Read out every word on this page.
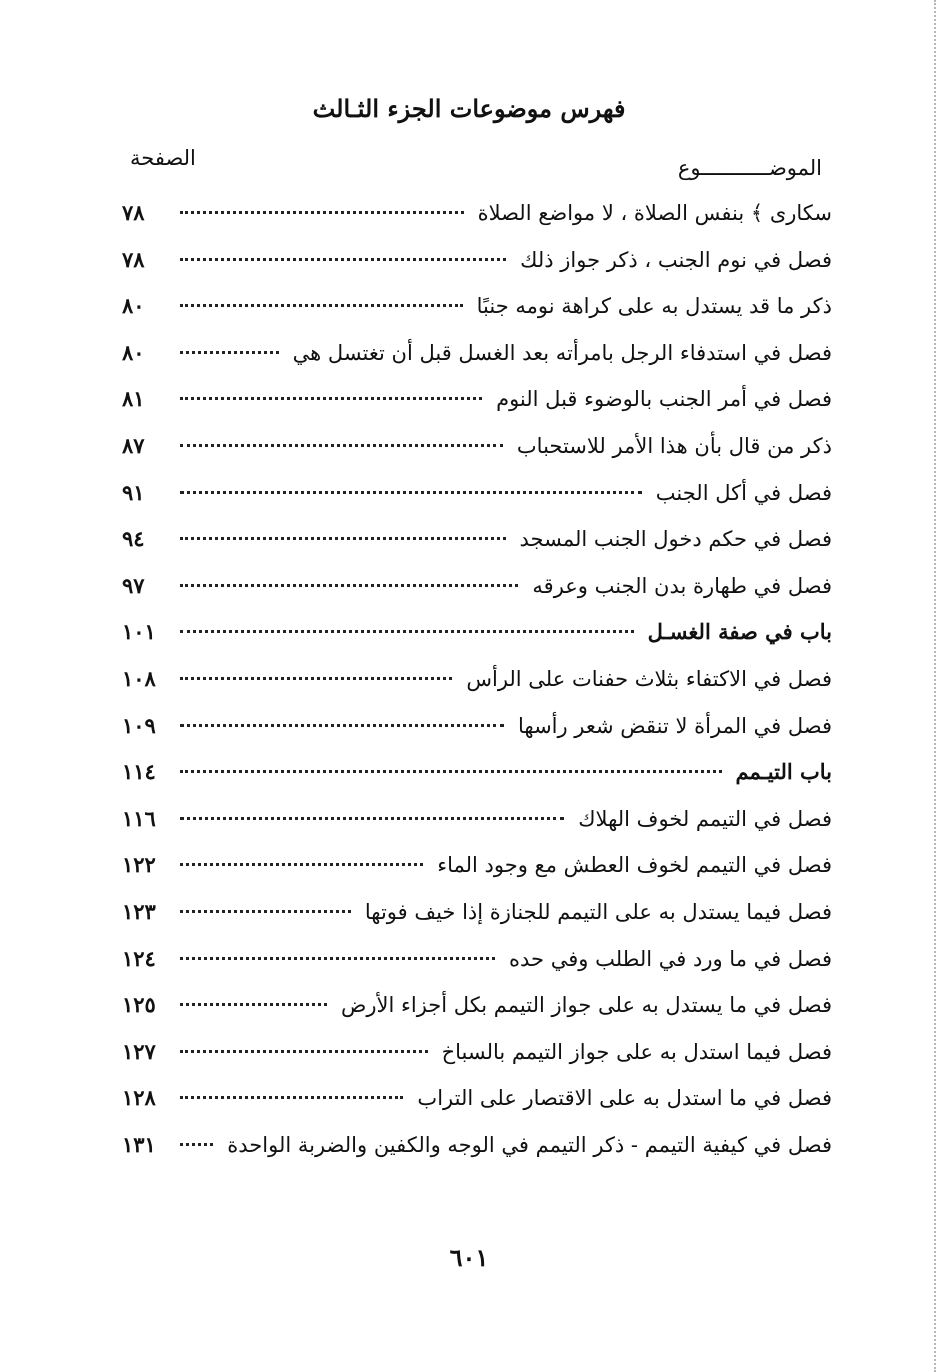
فهرس موضوعات الجزء الثـالث
الموضـــــــــــوع
الصفحة
سكارى ﴾ بنفس الصلاة ، لا مواضع الصلاة
٧٨
فصل في نوم الجنب ، ذكر جواز ذلك
٧٨
ذكر ما قد يستدل به على كراهة نومه جنبًا
٨٠
فصل في استدفاء الرجل بامرأته بعد الغسل قبل أن تغتسل هي
٨٠
فصل في أمر الجنب بالوضوء قبل النوم
٨١
ذكر من قال بأن هذا الأمر للاستحباب
٨٧
فصل في أكل الجنب
٩١
فصل في حكم دخول الجنب المسجد
٩٤
فصل في طهارة بدن الجنب وعرقه
٩٧
باب في صفة الغسـل
١٠١
فصل في الاكتفاء بثلاث حفنات على الرأس
١٠٨
فصل في المرأة لا تنقض شعر رأسها
١٠٩
باب التيـمم
١١٤
فصل في التيمم لخوف الهلاك
١١٦
فصل في التيمم لخوف العطش مع وجود الماء
١٢٢
فصل فيما يستدل به على التيمم للجنازة إذا خيف فوتها
١٢٣
فصل في ما ورد في الطلب وفي حده
١٢٤
فصل في ما يستدل به على جواز التيمم بكل أجزاء الأرض
١٢٥
فصل فيما استدل به على جواز التيمم بالسباخ
١٢٧
فصل في ما استدل به على الاقتصار على التراب
١٢٨
فصل في كيفية التيمم - ذكر التيمم في الوجه والكفين والضربة الواحدة
١٣١
٦٠١
